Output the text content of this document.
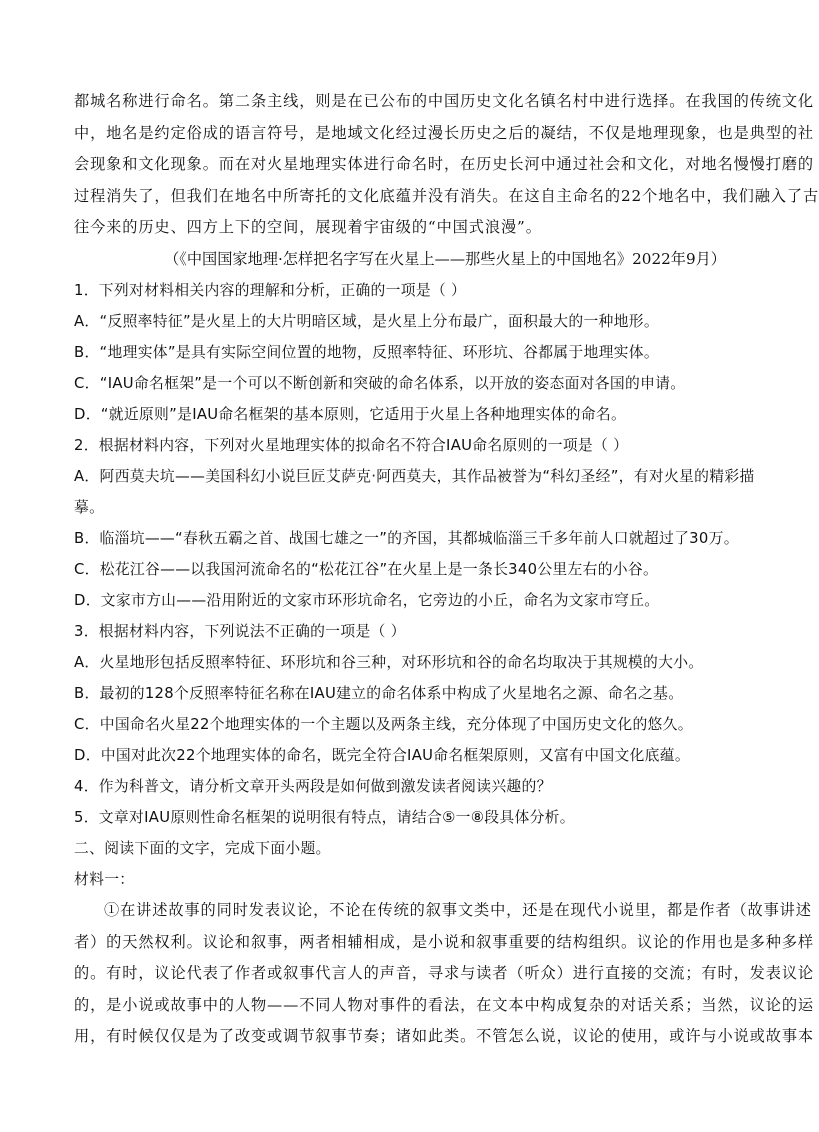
都城名称进行命名。第二条主线，则是在已公布的中国历史文化名镇名村中进行选择。在我国的传统文化
中，地名是约定俗成的语言符号，是地域文化经过漫长历史之后的凝结，不仅是地理现象，也是典型的社
会现象和文化现象。而在对火星地理实体进行命名时，在历史长河中通过社会和文化，对地名慢慢打磨的
过程消失了，但我们在地名中所寄托的文化底蕴并没有消失。在这自主命名的22个地名中，我们融入了古
往今来的历史、四方上下的空间，展现着宇宙级的“中国式浪漫”。
（《中国国家地理·怎样把名字写在火星上——那些火星上的中国地名》2022年9月）
1．下列对材料相关内容的理解和分析，正确的一项是（ ）
A．“反照率特征”是火星上的大片明暗区域，是火星上分布最广，面积最大的一种地形。
B．“地理实体”是具有实际空间位置的地物，反照率特征、环形坑、谷都属于地理实体。
C．“IAU命名框架”是一个可以不断创新和突破的命名体系，以开放的姿态面对各国的申请。
D．“就近原则”是IAU命名框架的基本原则，它适用于火星上各种地理实体的命名。
2．根据材料内容，下列对火星地理实体的拟命名不符合IAU命名原则的一项是（ ）
A．阿西莫夫坑——美国科幻小说巨匠艾萨克·阿西莫夫，其作品被誉为“科幻圣经”，有对火星的精彩描
摹。
B．临淄坑——“春秋五霸之首、战国七雄之一”的齐国，其都城临淄三千多年前人口就超过了30万。
C．松花江谷——以我国河流命名的“松花江谷”在火星上是一条长340公里左右的小谷。
D．文家市方山——沿用附近的文家市环形坑命名，它旁边的小丘，命名为文家市穹丘。
3．根据材料内容，下列说法不正确的一项是（ ）
A．火星地形包括反照率特征、环形坑和谷三种，对环形坑和谷的命名均取决于其规模的大小。
B．最初的128个反照率特征名称在IAU建立的命名体系中构成了火星地名之源、命名之基。
C．中国命名火星22个地理实体的一个主题以及两条主线，充分体现了中国历史文化的悠久。
D．中国对此次22个地理实体的命名，既完全符合IAU命名框架原则，又富有中国文化底蕴。
4．作为科普文，请分析文章开头两段是如何做到激发读者阅读兴趣的？
5．文章对IAU原则性命名框架的说明很有特点，请结合⑤一⑧段具体分析。
二、阅读下面的文字，完成下面小题。
材料一：
①在讲述故事的同时发表议论，不论在传统的叙事文类中，还是在现代小说里，都是作者（故事讲述
者）的天然权利。议论和叙事，两者相辅相成，是小说和叙事重要的结构组织。议论的作用也是多种多样
的。有时，议论代表了作者或叙事代言人的声音，寻求与读者（听众）进行直接的交流；有时，发表议论
的，是小说或故事中的人物——不同人物对事件的看法，在文本中构成复杂的对话关系；当然，议论的运
用，有时候仅仅是为了改变或调节叙事节奏；诸如此类。不管怎么说，议论的使用，或许与小说或故事本
